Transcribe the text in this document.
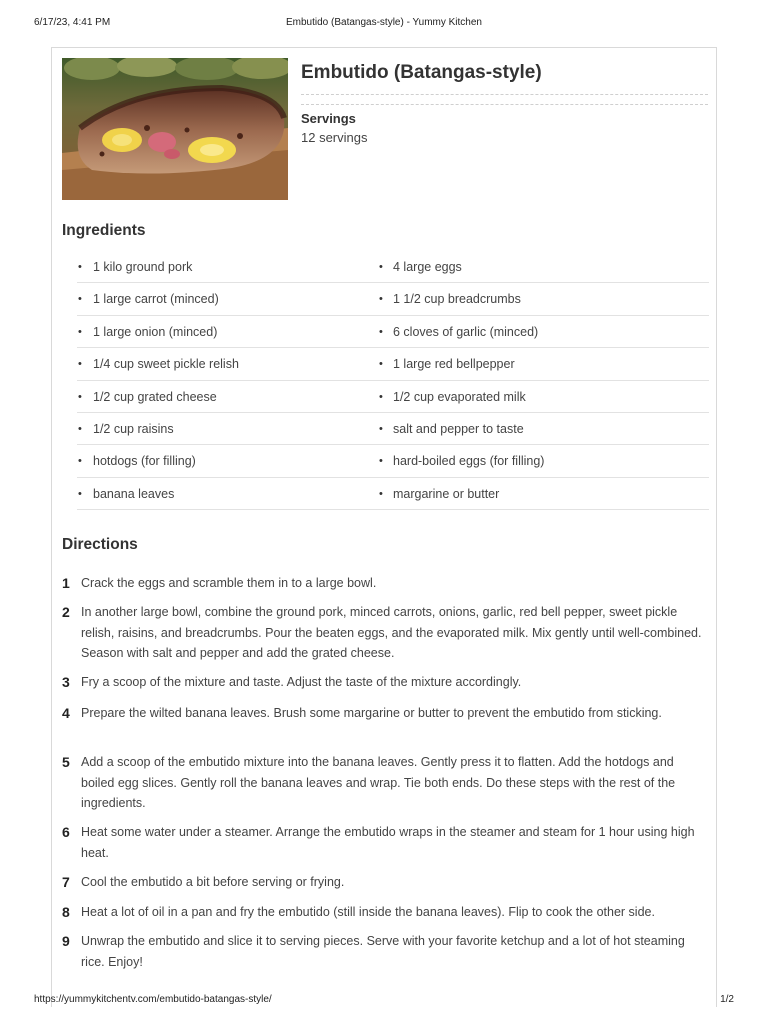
6/17/23, 4:41 PM	Embutido (Batangas-style) - Yummy Kitchen
Embutido (Batangas-style)
Servings
12 servings
Ingredients
• 1 kilo ground pork	• 4 large eggs
• 1 large carrot (minced)	• 1 1/2 cup breadcrumbs
• 1 large onion (minced)	• 6 cloves of garlic (minced)
• 1/4 cup sweet pickle relish	• 1 large red bellpepper
• 1/2 cup grated cheese	• 1/2 cup evaporated milk
• 1/2 cup raisins	• salt and pepper to taste
• hotdogs (for filling)	• hard-boiled eggs (for filling)
• banana leaves	• margarine or butter
Directions
1 Crack the eggs and scramble them in to a large bowl.
2 In another large bowl, combine the ground pork, minced carrots, onions, garlic, red bell pepper, sweet pickle relish, raisins, and breadcrumbs. Pour the beaten eggs, and the evaporated milk. Mix gently until well-combined. Season with salt and pepper and add the grated cheese.
3 Fry a scoop of the mixture and taste. Adjust the taste of the mixture accordingly.
4 Prepare the wilted banana leaves. Brush some margarine or butter to prevent the embutido from sticking.
5 Add a scoop of the embutido mixture into the banana leaves. Gently press it to flatten. Add the hotdogs and boiled egg slices. Gently roll the banana leaves and wrap. Tie both ends. Do these steps with the rest of the ingredients.
6 Heat some water under a steamer. Arrange the embutido wraps in the steamer and steam for 1 hour using high heat.
7 Cool the embutido a bit before serving or frying.
8 Heat a lot of oil in a pan and fry the embutido (still inside the banana leaves). Flip to cook the other side.
9 Unwrap the embutido and slice it to serving pieces. Serve with your favorite ketchup and a lot of hot steaming rice. Enjoy!
https://yummykitchentv.com/embutido-batangas-style/	1/2
